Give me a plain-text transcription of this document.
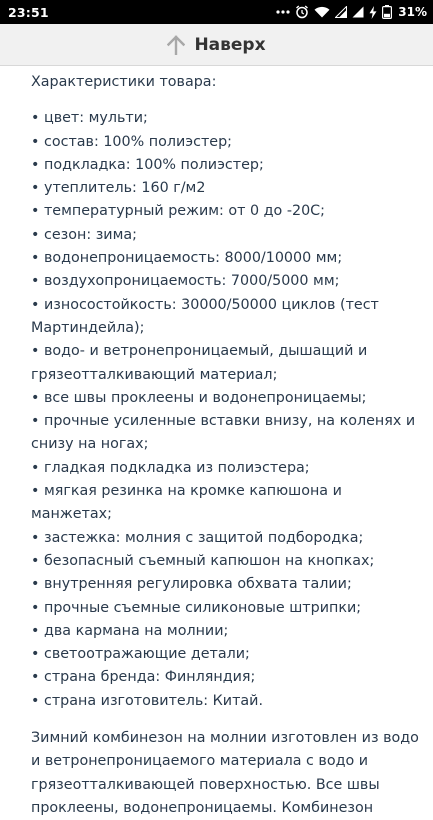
23:51	31%
Наверх
Характеристики товара:
• цвет: мульти;
• состав: 100% полиэстер;
• подкладка: 100% полиэстер;
• утеплитель: 160 г/м2
• температурный режим: от 0 до -20С;
• сезон: зима;
• водонепроницаемость: 8000/10000 мм;
• воздухопроницаемость: 7000/5000 мм;
• износостойкость: 30000/50000 циклов (тест Мартиндейла);
• водо- и ветронепроницаемый, дышащий и грязеотталкивающий материал;
• все швы проклеены и водонепроницаемы;
• прочные усиленные вставки внизу, на коленях и снизу на ногах;
• гладкая подкладка из полиэстера;
• мягкая резинка на кромке капюшона и манжетах;
• застежка: молния с защитой подбородка;
• безопасный съемный капюшон на кнопках;
• внутренняя регулировка обхвата талии;
• прочные съемные силиконовые штрипки;
• два кармана на молнии;
• светоотражающие детали;
• страна бренда: Финляндия;
• страна изготовитель: Китай.

Зимний комбинезон на молнии изготовлен из водо и ветронепроницаемого материала с водо и грязеотталкивающей поверхностью. Все швы проклеены, водонепроницаемы. Комбинезон
